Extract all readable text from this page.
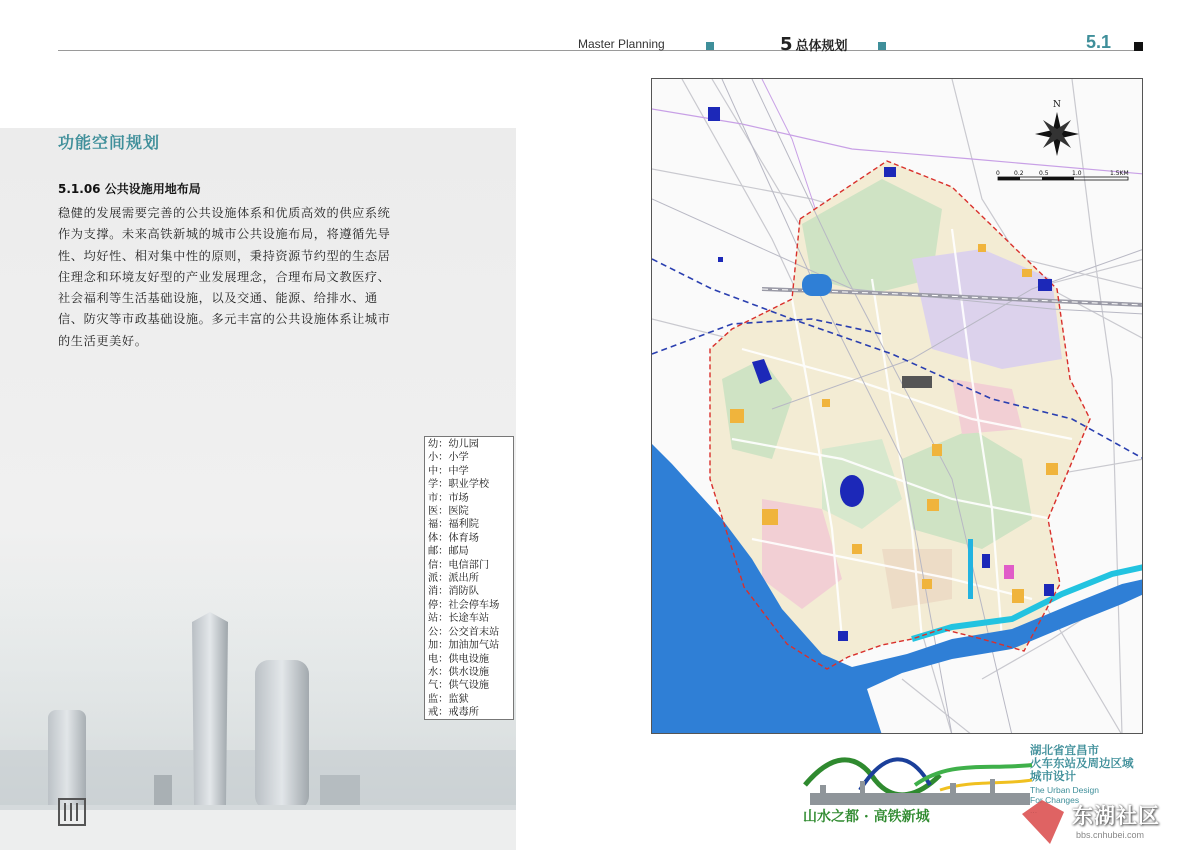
Master Planning	5 总体规划	5.1
功能空间规划
5.1.06 公共设施用地布局
稳健的发展需要完善的公共设施体系和优质高效的供应系统
作为支撑。未来高铁新城的城市公共设施布局，将遵循先导
性、均好性、相对集中性的原则，秉持资源节约型的生态居
住理念和环境友好型的产业发展理念，合理布局文教医疗、
社会福利等生活基础设施，以及交通、能源、给排水、通
信、防灾等市政基础设施。多元丰富的公共设施体系让城市
的生活更美好。
幼：幼儿园
小：小学
中：中学
学：职业学校
市：市场
医：医院
福：福利院
体：体育场
邮：邮局
信：电信部门
派：派出所
消：消防队
停：社会停车场
站：长途车站
公：公交首末站
加：加油加气站
电：供电设施
水：供水设施
气：供气设施
监：监狱
戒：戒毒所
N
0 0.2	0.5	1.0	1.5KM
山水之都 · 高铁新城
湖北省宜昌市
火车东站及周边区域
城市设计
The Urban Design
For Changes
东湖社区
bbs.cnhubei.com
